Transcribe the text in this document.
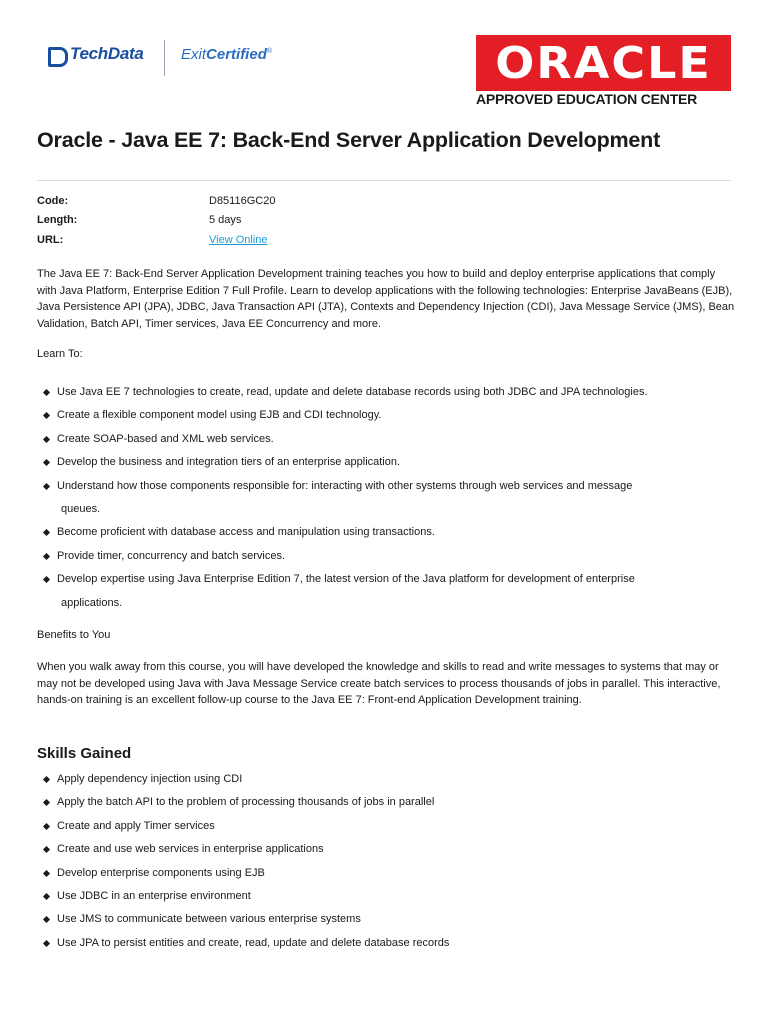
TechData	ExitCertified®	ORACLE
APPROVED EDUCATION CENTER
Oracle - Java EE 7: Back-End Server Application Development
Code:	D85116GC20
Length:	5 days
URL:	View Online

The Java EE 7: Back-End Server Application Development training teaches you how to build and deploy enterprise applications that comply with Java Platform, Enterprise Edition 7 Full Profile. Learn to develop applications with the following technologies: Enterprise JavaBeans (EJB), Java Persistence API (JPA), JDBC, Java Transaction API (JTA), Contexts and Dependency Injection (CDI), Java Message Service (JMS), Bean Validation, Batch API, Timer services, Java EE Concurrency and more.

Learn To:

Use Java EE 7 technologies to create, read, update and delete database records using both JDBC and JPA technologies.
Create a flexible component model using EJB and CDI technology.
Create SOAP-based and XML web services.
Develop the business and integration tiers of an enterprise application.
Understand how those components responsible for: interacting with other systems through web services and message
queues.
Become proficient with database access and manipulation using transactions.
Provide timer, concurrency and batch services.
Develop expertise using Java Enterprise Edition 7, the latest version of the Java platform for development of enterprise
applications.

Benefits to You

When you walk away from this course, you will have developed the knowledge and skills to read and write messages to systems that may or may not be developed using Java with Java Message Service create batch services to process thousands of jobs in parallel. This interactive, hands-on training is an excellent follow-up course to the Java EE 7: Front-end Application Development training.

Skills Gained
Apply dependency injection using CDI
Apply the batch API to the problem of processing thousands of jobs in parallel
Create and apply Timer services
Create and use web services in enterprise applications
Develop enterprise components using EJB
Use JDBC in an enterprise environment
Use JMS to communicate between various enterprise systems
Use JPA to persist entities and create, read, update and delete database records
